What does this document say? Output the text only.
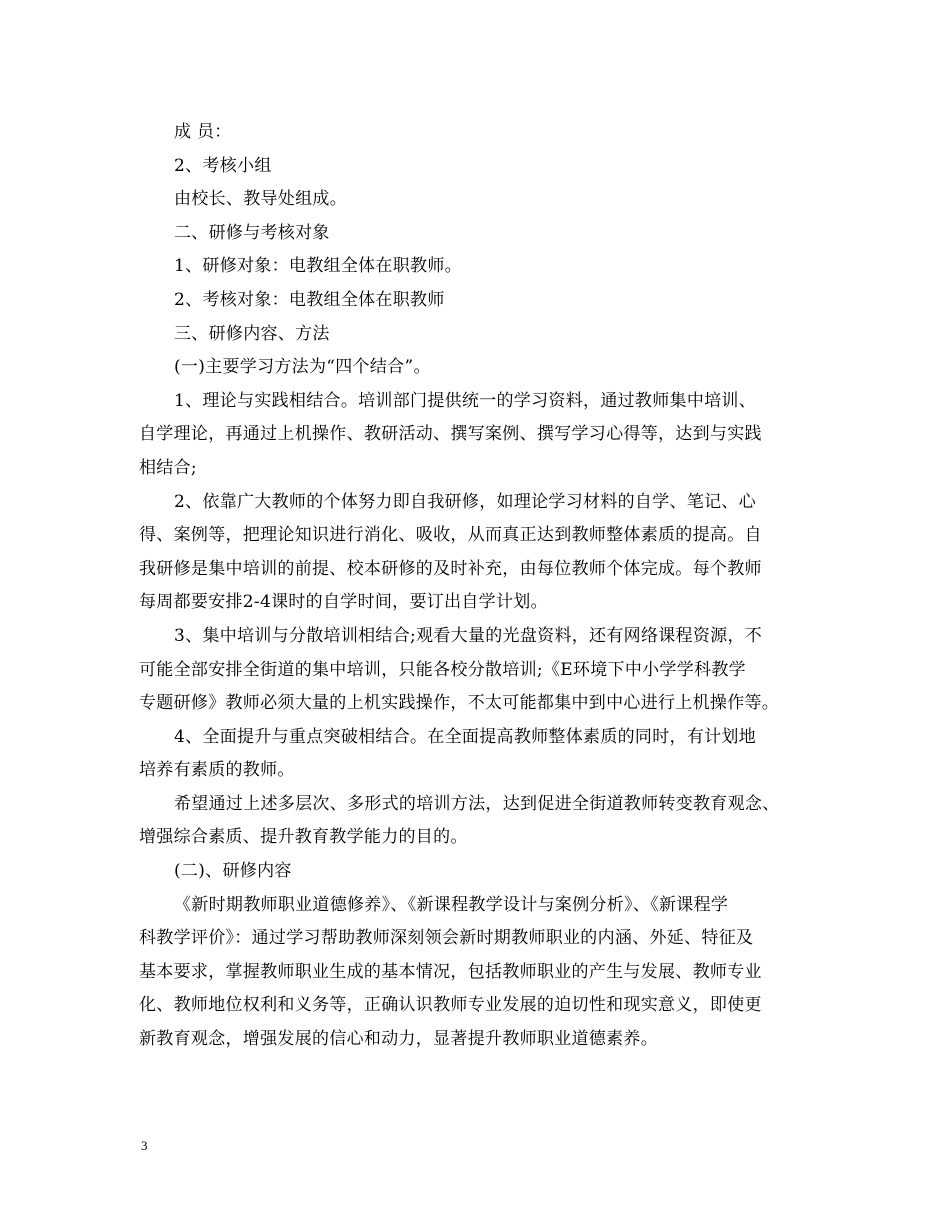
成 员：
2、考核小组
由校长、教导处组成。
二、研修与考核对象
1、研修对象：电教组全体在职教师。
2、考核对象：电教组全体在职教师
三、研修内容、方法
(一)主要学习方法为“四个结合”。
1、理论与实践相结合。培训部门提供统一的学习资料，通过教师集中培训、
自学理论，再通过上机操作、教研活动、撰写案例、撰写学习心得等，达到与实践
相结合;
2、依靠广大教师的个体努力即自我研修，如理论学习材料的自学、笔记、心
得、案例等，把理论知识进行消化、吸收，从而真正达到教师整体素质的提高。自
我研修是集中培训的前提、校本研修的及时补充，由每位教师个体完成。每个教师
每周都要安排2-4课时的自学时间，要订出自学计划。
3、集中培训与分散培训相结合;观看大量的光盘资料，还有网络课程资源，不
可能全部安排全街道的集中培训，只能各校分散培训;《E环境下中小学学科教学
专题研修》教师必须大量的上机实践操作，不太可能都集中到中心进行上机操作等。
4、全面提升与重点突破相结合。在全面提高教师整体素质的同时，有计划地
培养有素质的教师。
希望通过上述多层次、多形式的培训方法，达到促进全街道教师转变教育观念、
增强综合素质、提升教育教学能力的目的。
(二)、研修内容
《新时期教师职业道德修养》、《新课程教学设计与案例分析》、《新课程学
科教学评价》：通过学习帮助教师深刻领会新时期教师职业的内涵、外延、特征及
基本要求，掌握教师职业生成的基本情况，包括教师职业的产生与发展、教师专业
化、教师地位权利和义务等，正确认识教师专业发展的迫切性和现实意义，即使更
新教育观念，增强发展的信心和动力，显著提升教师职业道德素养。
3
